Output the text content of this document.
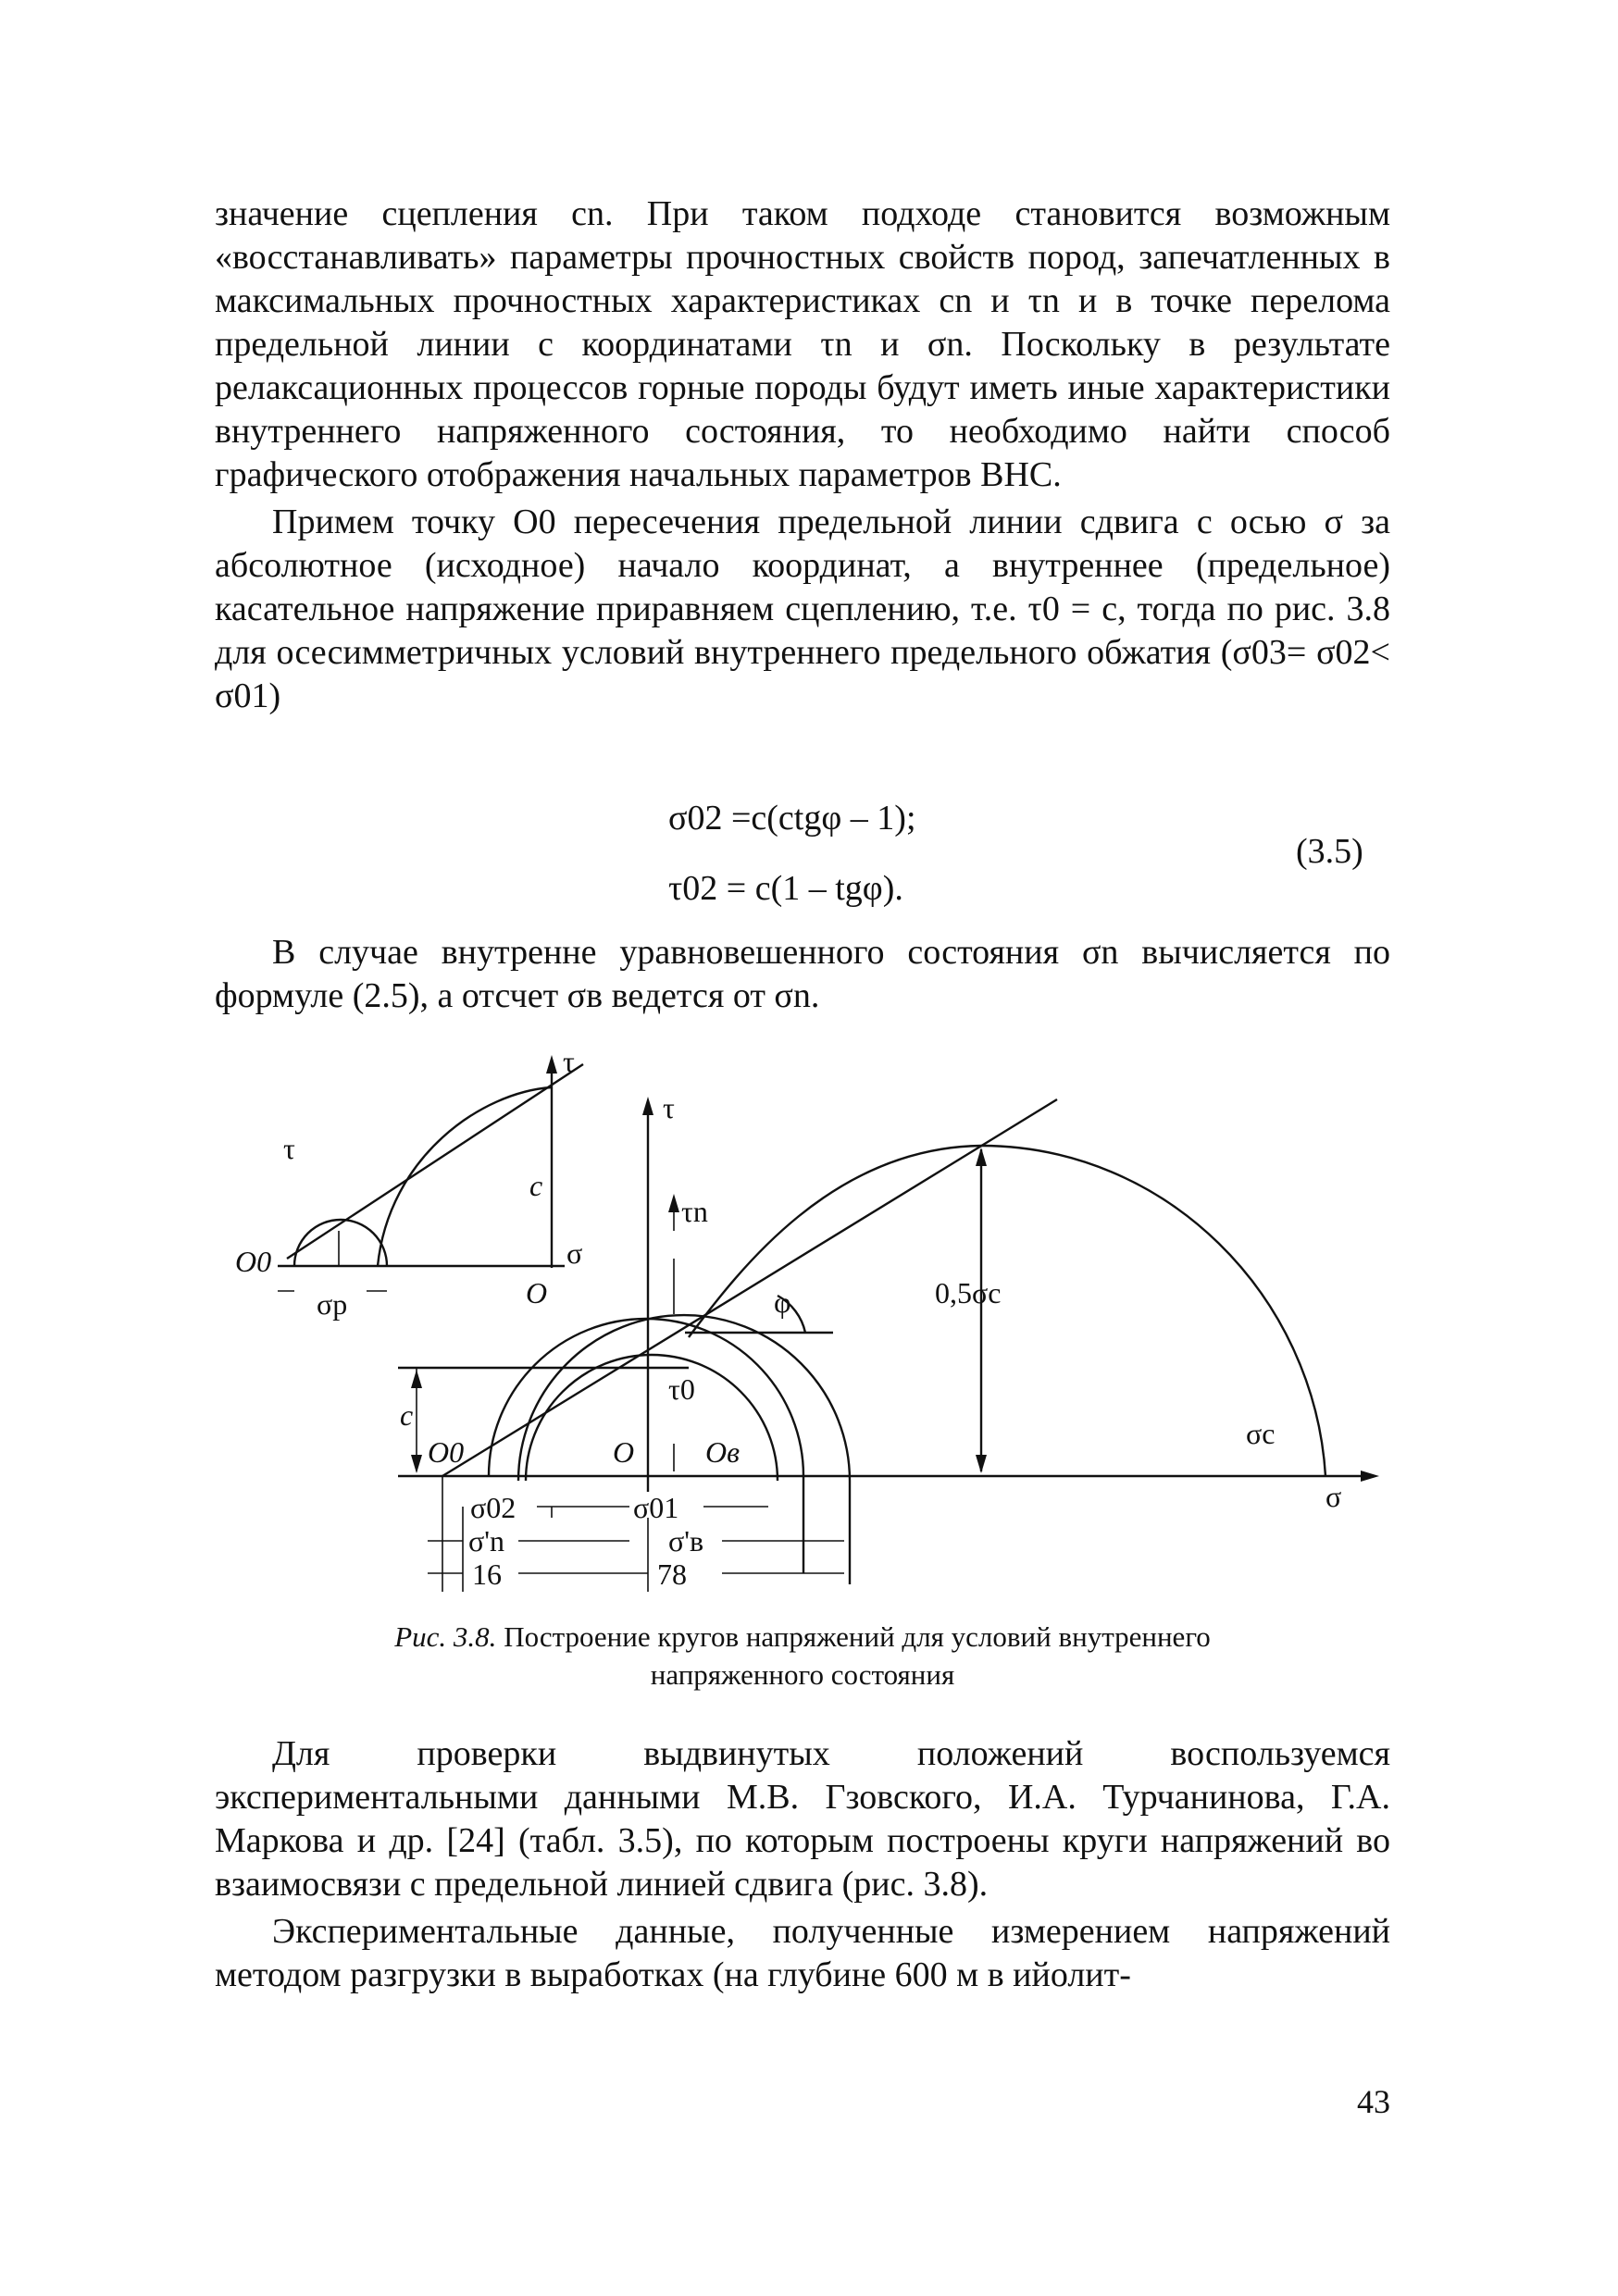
значение сцепления cn. При таком подходе становится возможным «восстанавливать» параметры прочностных свойств пород, запечатленных в максимальных прочностных характеристиках cn и τn и в точке перелома предельной линии с координатами τn и σn. Поскольку в результате релаксационных процессов горные породы будут иметь иные характеристики внутреннего напряженного состояния, то необходимо найти способ графического отображения начальных параметров ВНС.

Примем точку O0 пересечения предельной линии сдвига с осью σ за абсолютное (исходное) начало координат, а внутреннее (предельное) касательное напряжение приравняем сцеплению, т.е. τ0 = c, тогда по рис. 3.8 для осесимметричных условий внутреннего предельного обжатия (σ03= σ02< σ01)

σ02 =c(ctgφ – 1);
τ02 = c(1 – tgφ).
(3.5)

В случае внутренне уравновешенного состояния σn вычисляется по формуле (2.5), а отсчет σв ведется от σn.

τ
τ
c
σ
O
O0
σр
τ
τn
φ	0,5σс
τ0
c
O0	O Oв
σс
σ
σ02	σ01
σ'n	σ'в
16	78
Рис. 3.8. Построение кругов напряжений для условий внутреннего
напряженного состояния

Для проверки выдвинутых положений воспользуемся экспериментальными данными М.В. Гзовского, И.А. Турчанинова, Г.А. Маркова и др. [24] (табл. 3.5), по которым построены круги напряжений во взаимосвязи с предельной линией сдвига (рис. 3.8).

Экспериментальные данные, полученные измерением напряжений методом разгрузки в выработках (на глубине 600 м в ийолит-

43
